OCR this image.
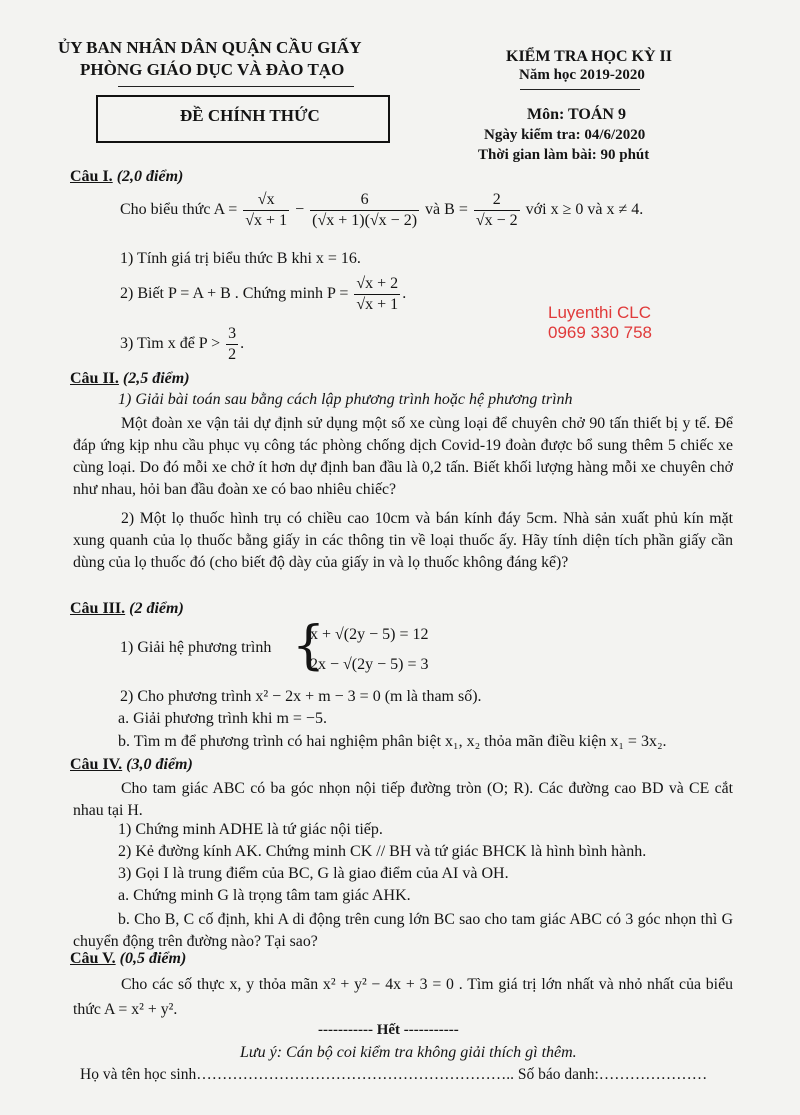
ỦY BAN NHÂN DÂN QUẬN CẦU GIẤY
PHÒNG GIÁO DỤC VÀ ĐÀO TẠO
ĐỀ CHÍNH THỨC
KIỂM TRA HỌC KỲ II
Năm học 2019-2020
Môn: TOÁN 9
Ngày kiểm tra: 04/6/2020
Thời gian làm bài: 90 phút
Luyenthi CLC
0969 330 758
Câu I. (2,0 điểm)
Cho biểu thức $A = \frac{√x}{√x + 1} - \frac{6}{(√x + 1)(√x - 2)}$ và $B = \frac{2}{√x - 2}$ với x ≥ 0 và x ≠ 4.
1) Tính giá trị biểu thức B khi x = 16.
2) Biết P = A + B . Chứng minh $P = \frac{√x + 2}{√x + 1}$ .
3) Tìm x để $P > \frac{3}{2}$ .
Câu II. (2,5 điểm)
1) Giải bài toán sau bằng cách lập phương trình hoặc hệ phương trình
Một đoàn xe vận tải dự định sử dụng một số xe cùng loại để chuyên chở 90 tấn thiết bị y tế. Để đáp ứng kịp nhu cầu phục vụ công tác phòng chống dịch Covid-19 đoàn được bổ sung thêm 5 chiếc xe cùng loại. Do đó mỗi xe chở ít hơn dự định ban đầu là 0,2 tấn. Biết khối lượng hàng mỗi xe chuyên chở như nhau, hỏi ban đầu đoàn xe có bao nhiêu chiếc?
2) Một lọ thuốc hình trụ có chiều cao 10cm và bán kính đáy 5cm. Nhà sản xuất phủ kín mặt xung quanh của lọ thuốc bằng giấy in các thông tin về loại thuốc ấy. Hãy tính diện tích phần giấy cần dùng của lọ thuốc đó (cho biết độ dày của giấy in và lọ thuốc không đáng kể)?
Câu III. (2 điểm)
1) Giải hệ phương trình {
x + √(2y − 5) = 12
2x − √(2y − 5) = 3
2) Cho phương trình x² − 2x + m − 3 = 0 (m là tham số).
a. Giải phương trình khi m = −5.
b. Tìm m để phương trình có hai nghiệm phân biệt x₁, x₂ thỏa mãn điều kiện x₁ = 3x₂.
Câu IV. (3,0 điểm)
Cho tam giác ABC có ba góc nhọn nội tiếp đường tròn (O; R). Các đường cao BD và CE cắt nhau tại H.
1) Chứng minh ADHE là tứ giác nội tiếp.
2) Kẻ đường kính AK. Chứng minh CK // BH và tứ giác BHCK là hình bình hành.
3) Gọi I là trung điểm của BC, G là giao điểm của AI và OH.
a. Chứng minh G là trọng tâm tam giác AHK.
b. Cho B, C cố định, khi A di động trên cung lớn BC sao cho tam giác ABC có 3 góc nhọn thì G chuyển động trên đường nào? Tại sao?
Câu V. (0,5 điểm)
Cho các số thực x, y thỏa mãn x² + y² − 4x + 3 = 0 . Tìm giá trị lớn nhất và nhỏ nhất của biểu thức A = x² + y².
----------- Hết -----------
Lưu ý: Cán bộ coi kiểm tra không giải thích gì thêm.
Họ và tên học sinh…………………………………………………….. Số báo danh:…………………
